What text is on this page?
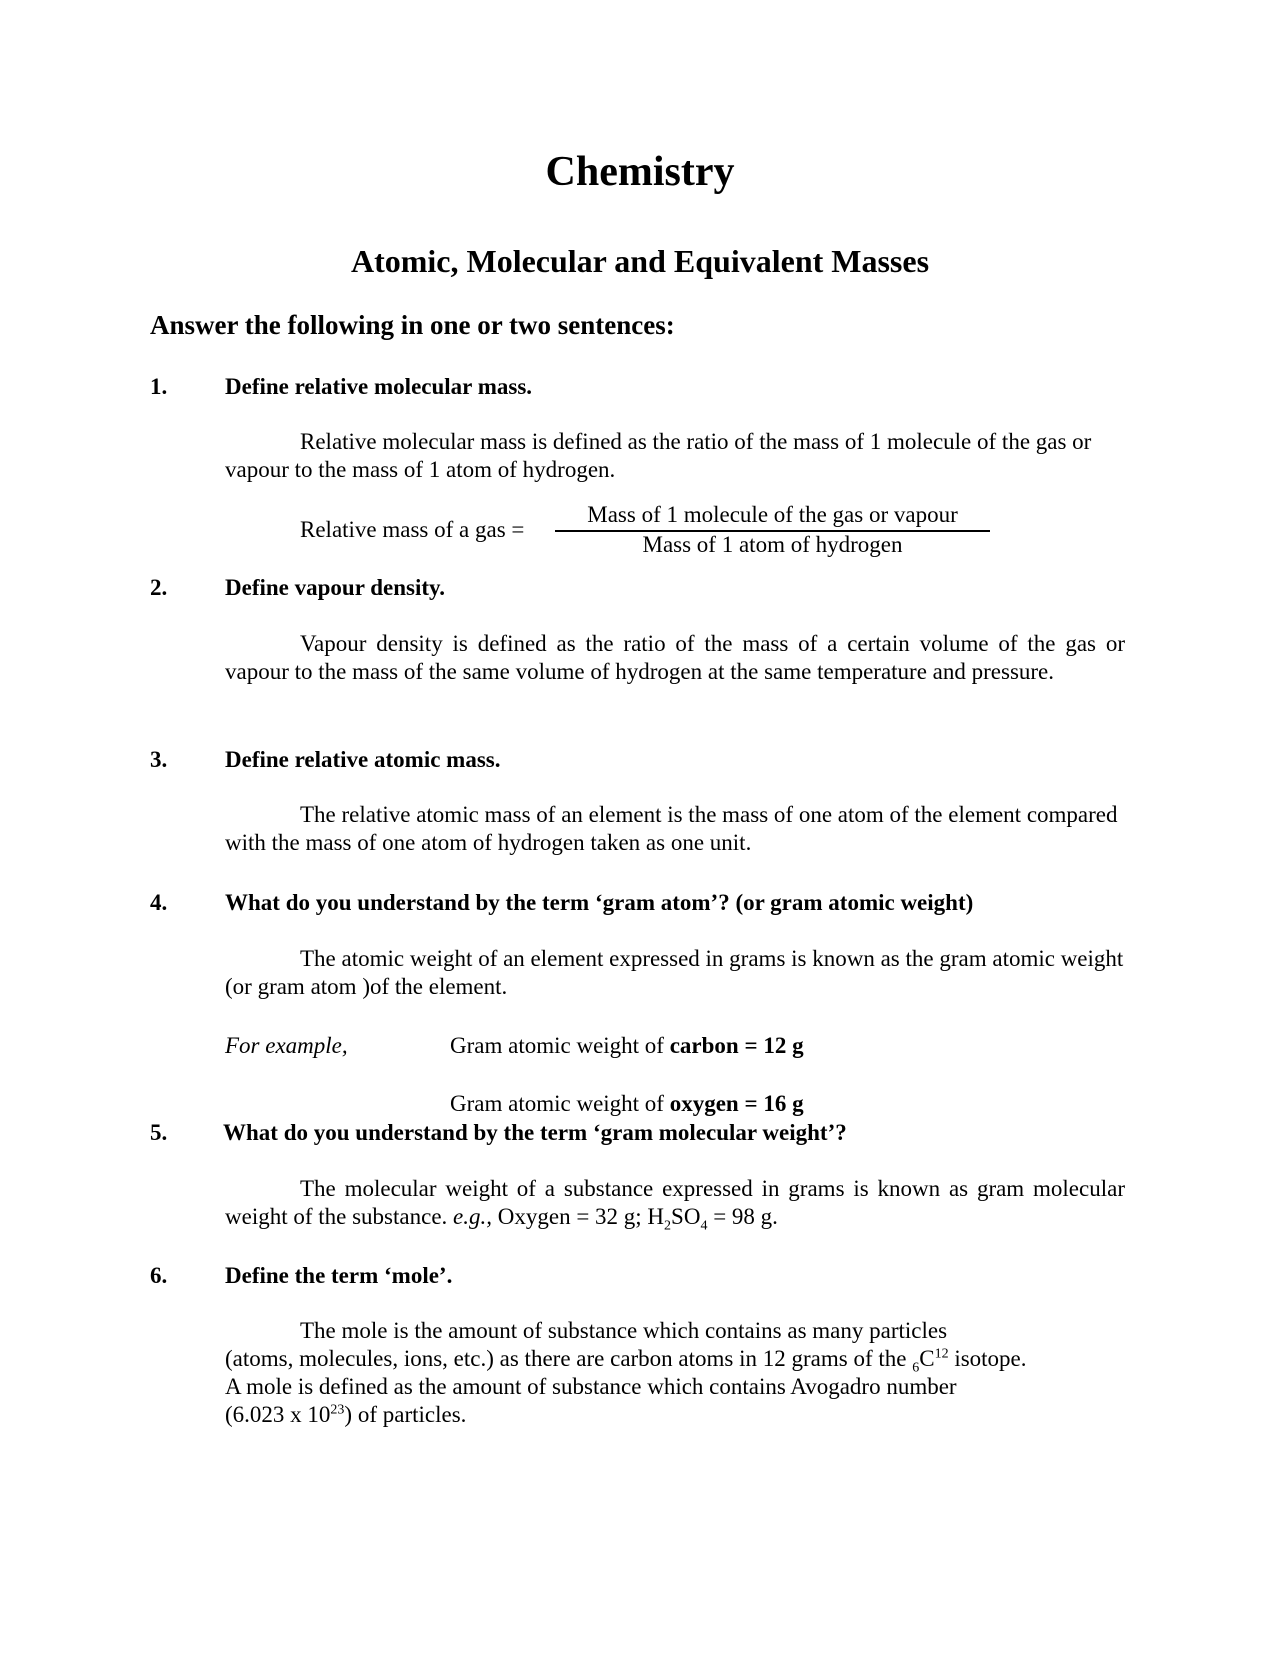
Chemistry
Atomic, Molecular and Equivalent Masses
Answer the following in one or two sentences:
1.	Define relative molecular mass.
Relative molecular mass is defined as the ratio of the mass of 1 molecule of the gas or vapour to the mass of 1 atom of hydrogen.
Relative mass of a gas =
Mass of 1 molecule of the gas or vapour
Mass of 1 atom of hydrogen
2.	Define vapour density.
Vapour density is defined as the ratio of the mass of a certain volume of the gas or vapour to the mass of the same volume of hydrogen at the same temperature and pressure.
3.	Define relative atomic mass.
The relative atomic mass of an element is the mass of one atom of the element compared with the mass of one atom of hydrogen taken as one unit.
4.	What do you understand by the term ‘gram atom’? (or gram atomic weight)
The atomic weight of an element expressed in grams is known as the gram atomic weight (or gram atom )of the element.
For example,	Gram atomic weight of carbon = 12 g
Gram atomic weight of oxygen = 16 g
5. What do you understand by the term ‘gram molecular weight’?
The molecular weight of a substance expressed in grams is known as gram molecular weight of the substance. e.g., Oxygen = 32 g; $H_2SO_4 = 98$ g.
6.	Define the term ‘mole’.
The mole is the amount of substance which contains as many particles
(atoms, molecules, ions, etc.) as there are carbon atoms in 12 grams of the $_6C^{12}$ isotope.
A mole is defined as the amount of substance which contains Avogadro number
(6.023 x $10^{23}$) of particles.
